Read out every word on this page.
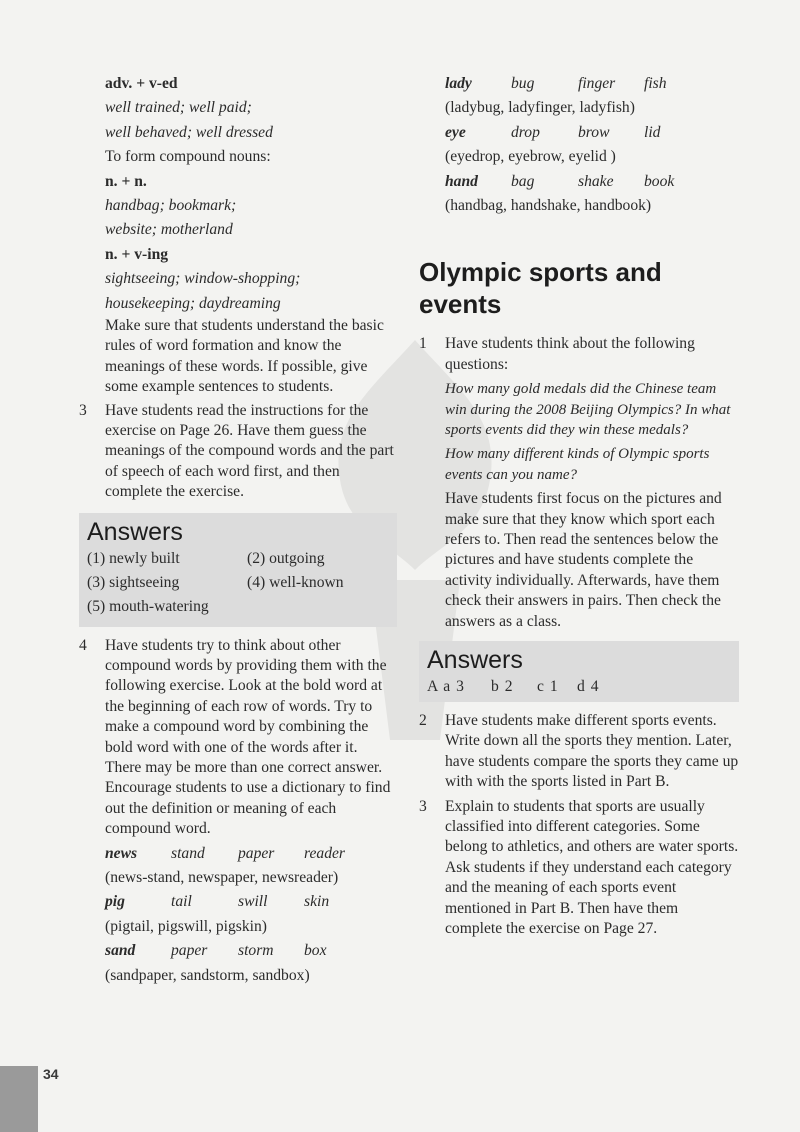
adv. + v-ed
well trained; well paid;
well behaved; well dressed
To form compound nouns:
n. + n.
handbag; bookmark;
website; motherland
n. + v-ing
sightseeing; window-shopping;
housekeeping; daydreaming
Make sure that students understand the basic rules of word formation and know the meanings of these words. If possible, give some example sentences to students.
3 Have students read the instructions for the exercise on Page 26. Have them guess the meanings of the compound words and the part of speech of each word first, and then complete the exercise.
Answers
(1) newly built	(2) outgoing
(3) sightseeing	(4) well-known
(5) mouth-watering
4 Have students try to think about other compound words by providing them with the following exercise. Look at the bold word at the beginning of each row of words. Try to make a compound word by combining the bold word with one of the words after it. There may be more than one correct answer. Encourage students to use a dictionary to find out the definition or meaning of each compound word.
news stand paper reader
(news-stand, newspaper, newsreader)
pig	tail	swill skin
(pigtail, pigswill, pigskin)
sand paper storm box
(sandpaper, sandstorm, sandbox)
lady	bug	finger fish
(ladybug, ladyfinger, ladyfish)
eye	drop brow lid
(eyedrop, eyebrow, eyelid )
hand bag	shake book
(handbag, handshake, handbook)
Olympic sports and events
1 Have students think about the following questions:
How many gold medals did the Chinese team win during the 2008 Beijing Olympics? In what sports events did they win these medals?
How many different kinds of Olympic sports events can you name?
Have students first focus on the pictures and make sure that they know which sport each refers to. Then read the sentences below the pictures and have students complete the activity individually. Afterwards, have them check their answers in pairs. Then check the answers as a class.
Answers
A a 3 b 2 c 1 d 4
2 Have students make different sports events. Write down all the sports they mention. Later, have students compare the sports they came up with with the sports listed in Part B.
3 Explain to students that sports are usually classified into different categories. Some belong to athletics, and others are water sports. Ask students if they understand each category and the meaning of each sports event mentioned in Part B. Then have them complete the exercise on Page 27.
34
